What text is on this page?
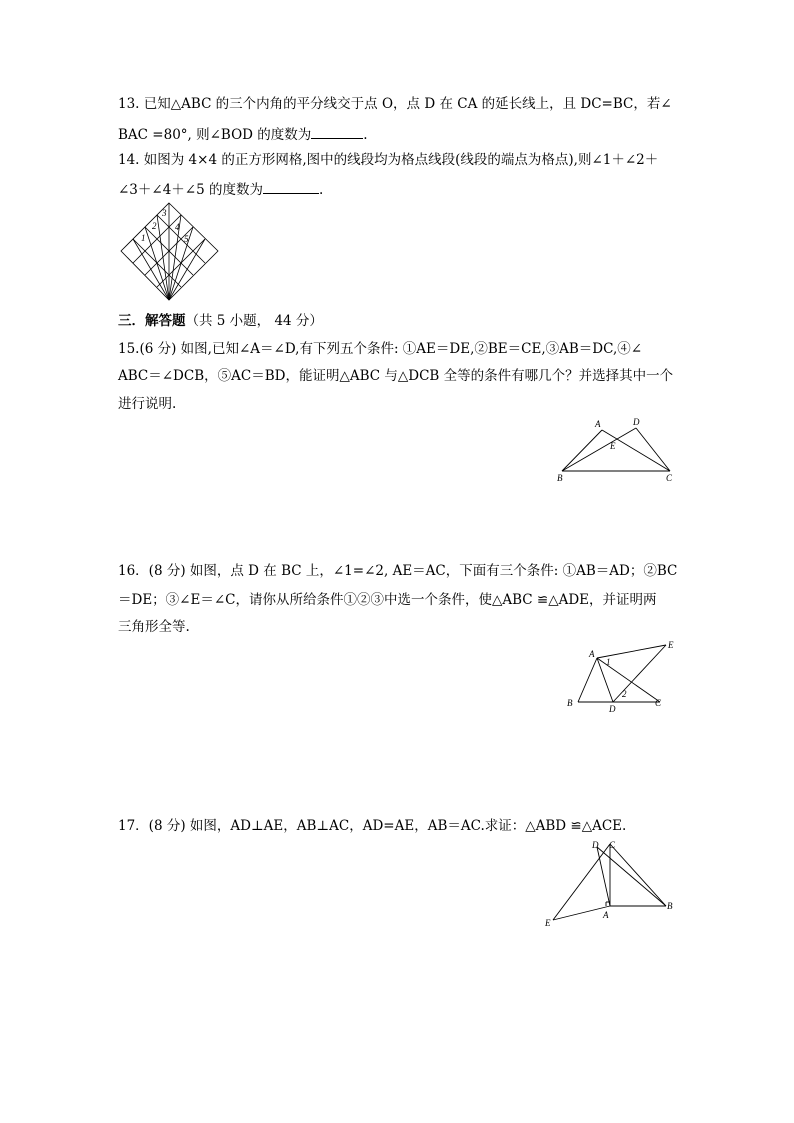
13. 已知△ABC 的三个内角的平分线交于点 O，点 D 在 CA 的延长线上，且 DC=BC，若∠
BAC =80°, 则∠BOD 的度数为	.
14. 如图为 4×4 的正方形网格,图中的线段均为格点线段(线段的端点为格点),则∠1＋∠2＋
∠3＋∠4＋∠5 的度数为	.
1
2
3
4
5
三．解答题（共 5 小题， 44 分）
15.(6 分) 如图,已知∠A＝∠D,有下列五个条件: ①AE＝DE,②BE＝CE,③AB＝DC,④∠
ABC＝∠DCB，⑤AC＝BD，能证明△ABC 与△DCB 全等的条件有哪几个？并选择其中一个
进行说明.
A	D
E
B	C
16．(8 分) 如图，点 D 在 BC 上，∠1=∠2, AE＝AC，下面有三个条件: ①AB＝AD；②BC
＝DE；③∠E＝∠C，请你从所给条件①②③中选一个条件，使△ABC ≌△ADE，并证明两
三角形全等.
A
E
B
D
C
1
2
17．(8 分) 如图，AD⊥AE，AB⊥AC，AD=AE，AB＝AC.求证：△ABD ≌△ACE.
D C
E
A
B
